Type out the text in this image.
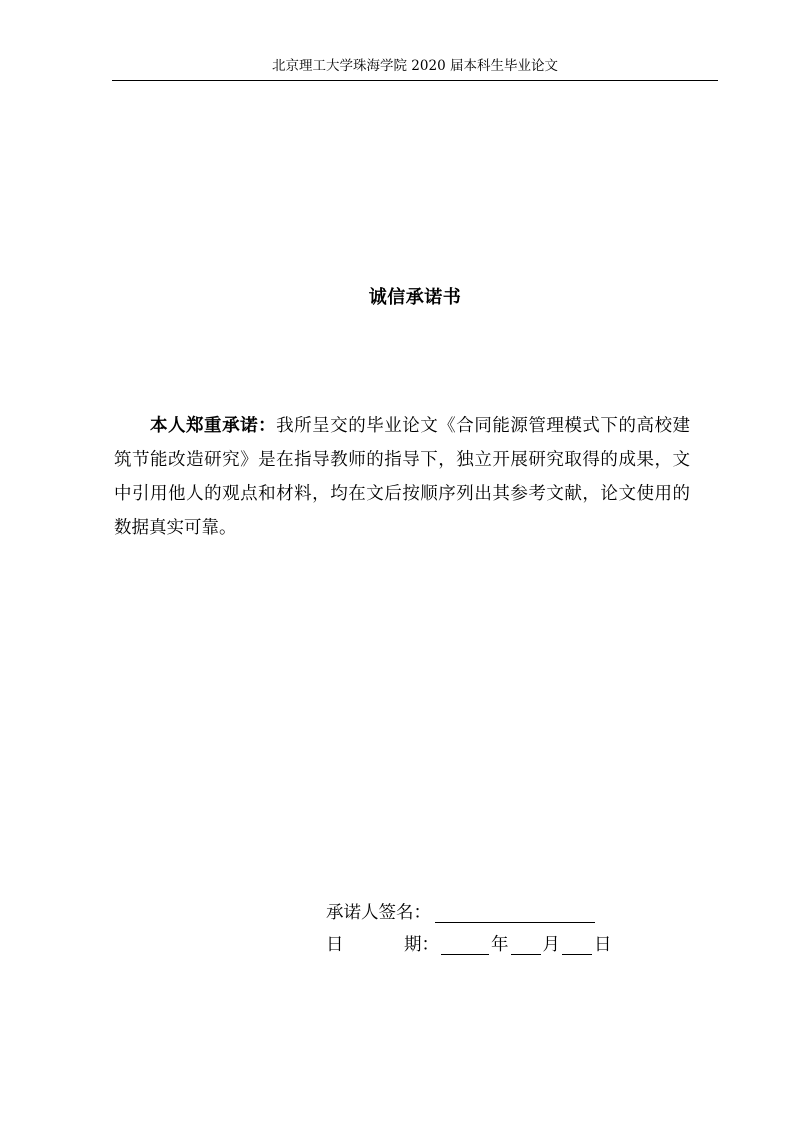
北京理工大学珠海学院 2020 届本科生毕业论文
诚信承诺书

本人郑重承诺：我所呈交的毕业论文《合同能源管理模式下的高校建筑节能改造研究》是在指导教师的指导下，独立开展研究取得的成果，文中引用他人的观点和材料，均在文后按顺序列出其参考文献，论文使用的数据真实可靠。

承诺人签名：
日	期：	年 月 日
